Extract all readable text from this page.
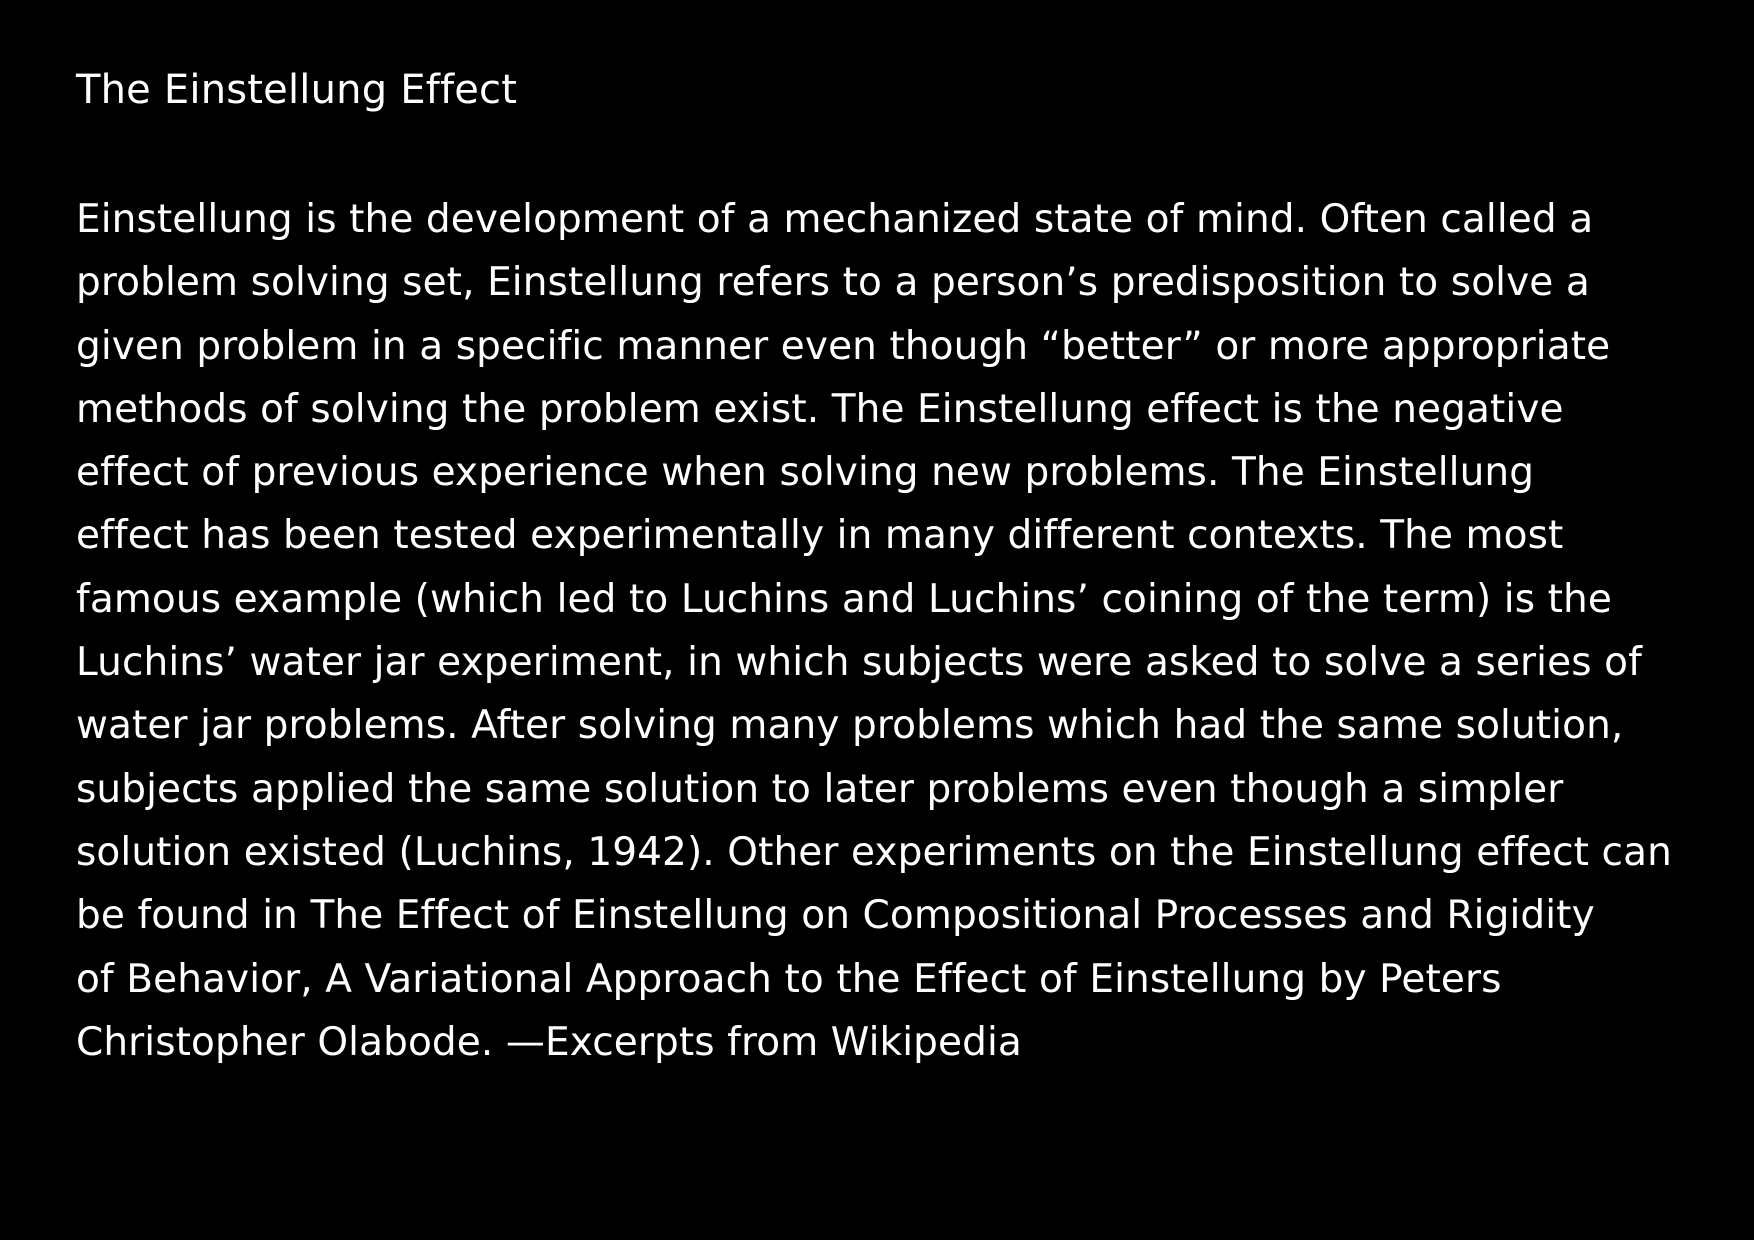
The Einstellung Effect
Einstellung is the development of a mechanized state of mind. Often called a
problem solving set, Einstellung refers to a person’s predisposition to solve a
given problem in a specific manner even though “better” or more appropriate
methods of solving the problem exist. The Einstellung effect is the negative
effect of previous experience when solving new problems. The Einstellung
effect has been tested experimentally in many different contexts. The most
famous example (which led to Luchins and Luchins’ coining of the term) is the
Luchins’ water jar experiment, in which subjects were asked to solve a series of
water jar problems. After solving many problems which had the same solution,
subjects applied the same solution to later problems even though a simpler
solution existed (Luchins, 1942). Other experiments on the Einstellung effect can
be found in The Effect of Einstellung on Compositional Processes and Rigidity
of Behavior, A Variational Approach to the Effect of Einstellung by Peters
Christopher Olabode. —Excerpts from Wikipedia
